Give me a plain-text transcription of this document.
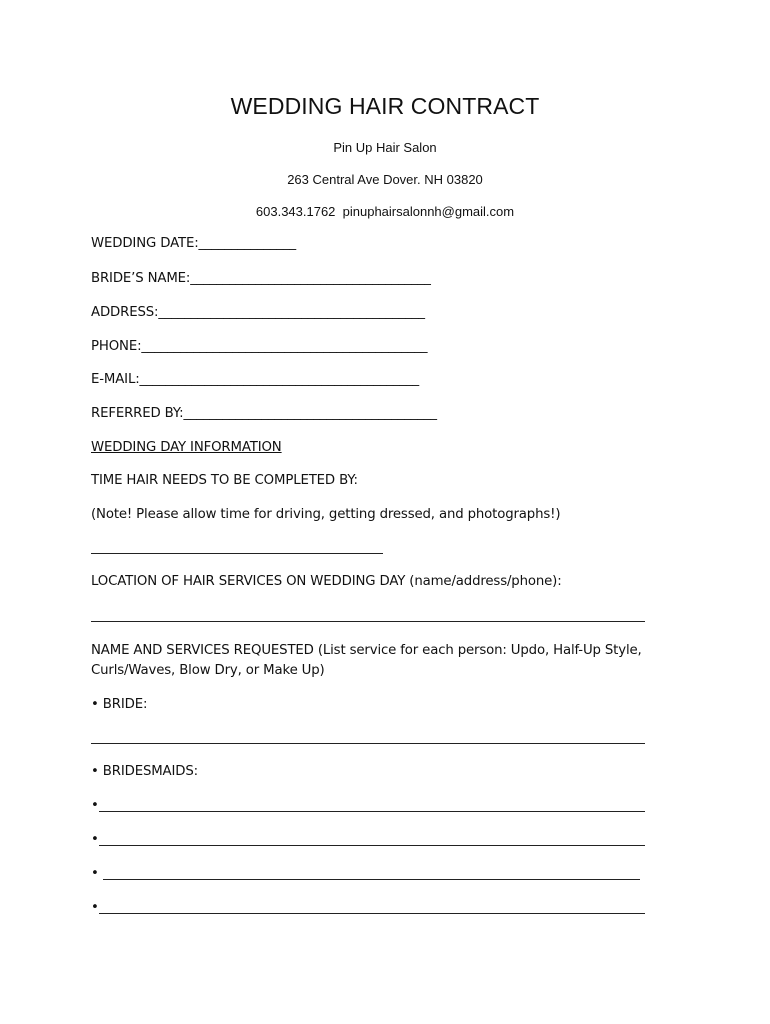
WEDDING HAIR CONTRACT
Pin Up Hair Salon
263 Central Ave Dover. NH 03820
603.343.1762  pinuphairsalonnh@gmail.com
WEDDING DATE:_______________
BRIDE’S NAME:_____________________________________
ADDRESS:_________________________________________
PHONE:____________________________________________
E-MAIL:___________________________________________
REFERRED BY:_______________________________________
WEDDING DAY INFORMATION
TIME HAIR NEEDS TO BE COMPLETED BY:
(Note! Please allow time for driving, getting dressed, and photographs!)
LOCATION OF HAIR SERVICES ON WEDDING DAY (name/address/phone):
NAME AND SERVICES REQUESTED (List service for each person: Updo, Half-Up Style,
Curls/Waves, Blow Dry, or Make Up)
• BRIDE:
• BRIDESMAIDS:
•
•
•
•
